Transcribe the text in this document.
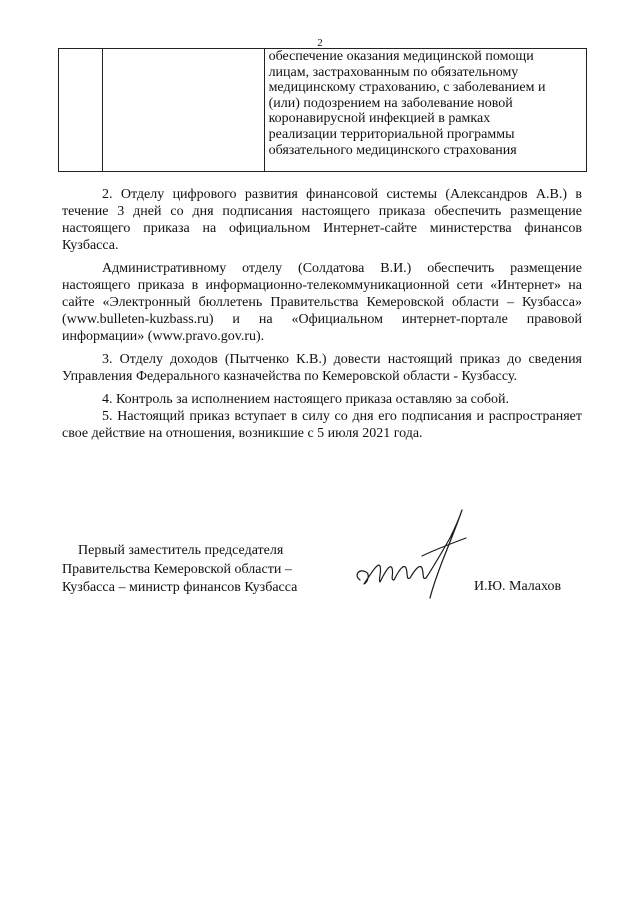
2

обеспечение оказания медицинской помощи
лицам, застрахованным по обязательному
медицинскому страхованию, с заболеванием и
(или) подозрением на заболевание новой
коронавирусной инфекцией в рамках
реализации территориальной программы
обязательного медицинского страхования

2. Отделу цифрового развития финансовой системы (Александров А.В.) в течение 3 дней со дня подписания настоящего приказа обеспечить размещение настоящего приказа на официальном Интернет-сайте министерства финансов Кузбасса.

Административному отделу (Солдатова В.И.) обеспечить размещение настоящего приказа в информационно-телекоммуникационной сети «Интернет» на сайте «Электронный бюллетень Правительства Кемеровской области – Кузбасса» (www.bulleten-kuzbass.ru) и на «Официальном интернет-портале правовой информации» (www.pravo.gov.ru).

3. Отделу доходов (Пытченко К.В.) довести настоящий приказ до сведения Управления Федерального казначейства по Кемеровской области - Кузбассу.

4. Контроль за исполнением настоящего приказа оставляю за собой.

5. Настоящий приказ вступает в силу со дня его подписания и распространяет свое действие на отношения, возникшие с 5 июля 2021 года.

Первый заместитель председателя
Правительства Кемеровской области –
Кузбасса – министр финансов Кузбасса	И.Ю. Малахов
